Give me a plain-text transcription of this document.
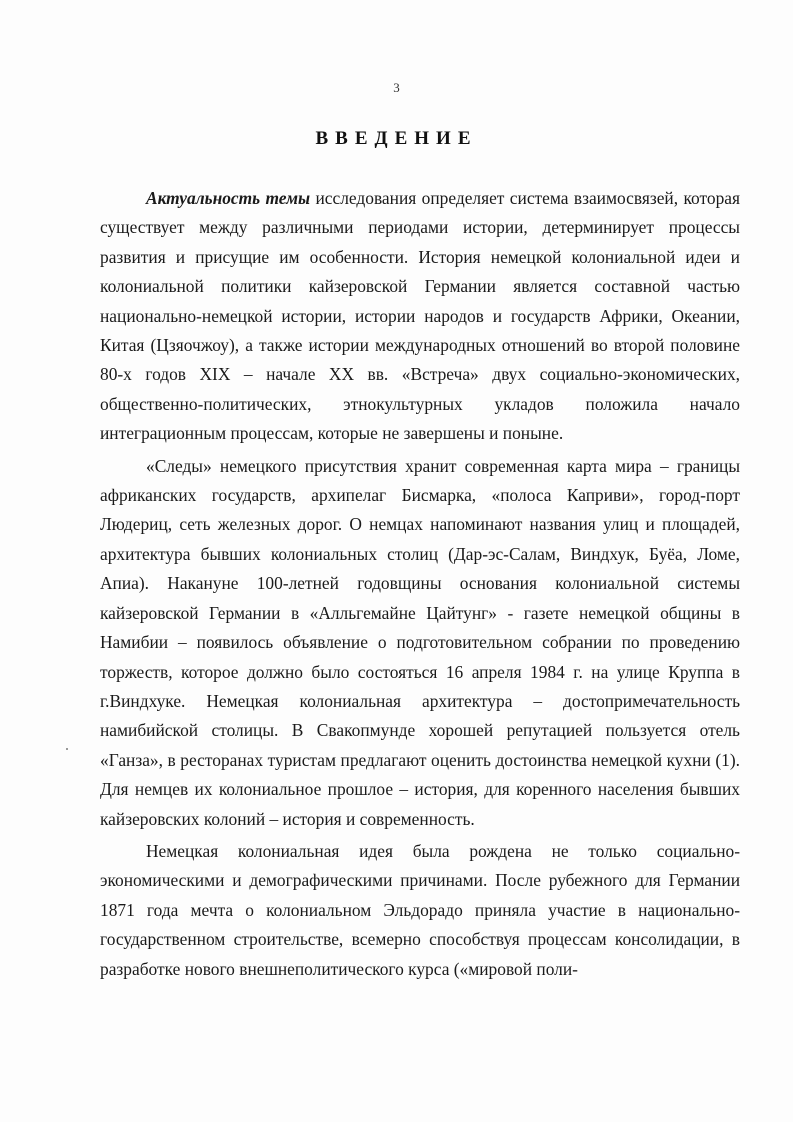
3
ВВЕДЕНИЕ

Актуальность темы исследования определяет система взаимосвязей, которая существует между различными периодами истории, детерминирует процессы развития и присущие им особенности. История немецкой колониальной идеи и колониальной политики кайзеровской Германии является составной частью национально-немецкой истории, истории народов и государств Африки, Океании, Китая (Цзяочжоу), а также истории международных отношений во второй половине 80-х годов XIX – начале XX вв. «Встреча» двух социально-экономических, общественно-политических, этнокультурных укладов положила начало интеграционным процессам, которые не завершены и поныне.

«Следы» немецкого присутствия хранит современная карта мира – границы африканских государств, архипелаг Бисмарка, «полоса Каприви», город-порт Людериц, сеть железных дорог. О немцах напоминают названия улиц и площадей, архитектура бывших колониальных столиц (Дар-эс-Салам, Виндхук, Буёа, Ломе, Апиа). Накануне 100-летней годовщины основания колониальной системы кайзеровской Германии в «Алльгемайне Цайтунг» - газете немецкой общины в Намибии – появилось объявление о подготовительном собрании по проведению торжеств, которое должно было состояться 16 апреля 1984 г. на улице Круппа в г.Виндхуке. Немецкая колониальная архитектура – достопримечательность намибийской столицы. В Свакопмунде хорошей репутацией пользуется отель «Ганза», в ресторанах туристам предлагают оценить достоинства немецкой кухни (1). Для немцев их колониальное прошлое – история, для коренного населения бывших кайзеровских колоний – история и современность.

Немецкая колониальная идея была рождена не только социально-экономическими и демографическими причинами. После рубежного для Германии 1871 года мечта о колониальном Эльдорадо приняла участие в национально-государственном строительстве, всемерно способствуя процессам консолидации, в разработке нового внешнеполитического курса («мировой поли-
